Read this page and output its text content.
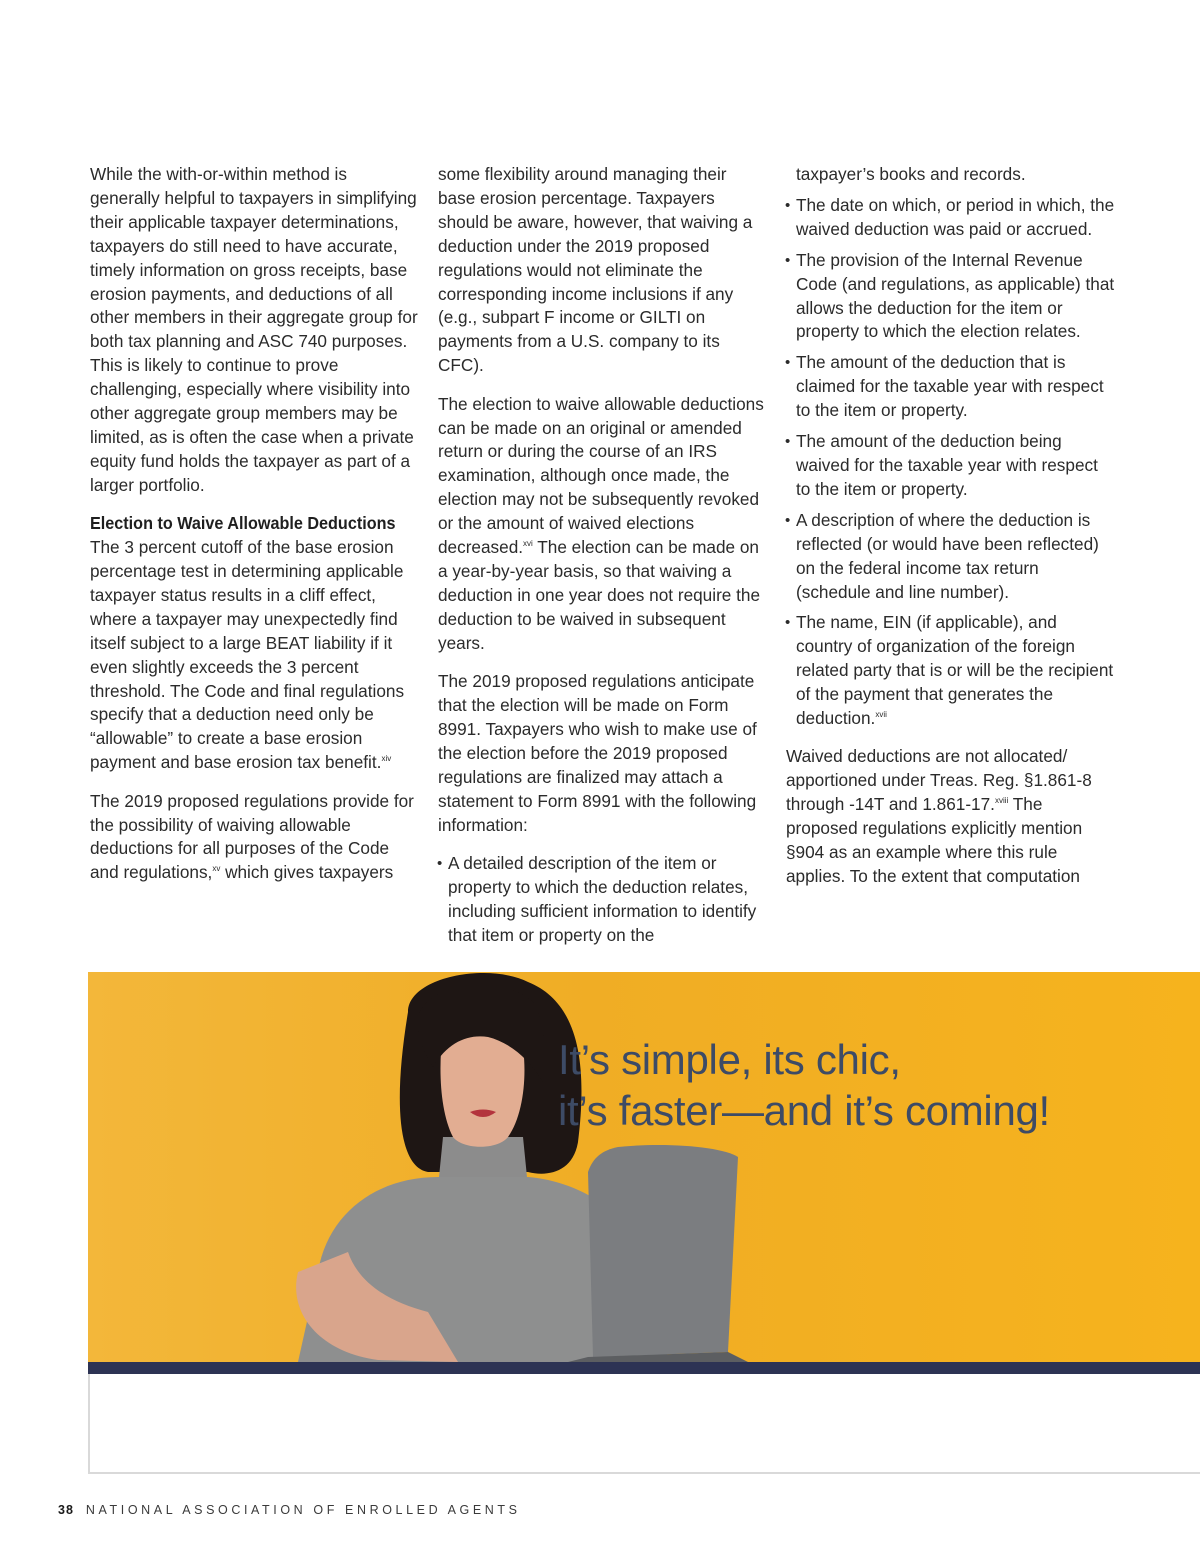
While the with-or-within method is generally helpful to taxpayers in simplifying their applicable taxpayer determinations, taxpayers do still need to have accurate, timely information on gross receipts, base erosion payments, and deductions of all other members in their aggregate group for both tax planning and ASC 740 purposes. This is likely to continue to prove challenging, especially where visibility into other aggregate group members may be limited, as is often the case when a private equity fund holds the taxpayer as part of a larger portfolio.

Election to Waive Allowable Deductions

The 3 percent cutoff of the base erosion percentage test in determining applicable taxpayer status results in a cliff effect, where a taxpayer may unexpectedly find itself subject to a large BEAT liability if it even slightly exceeds the 3 percent threshold. The Code and final regulations specify that a deduction need only be “allowable” to create a base erosion payment and base erosion tax benefit.$^{xiv}$

The 2019 proposed regulations provide for the possibility of waiving allowable deductions for all purposes of the Code and regulations,$^{xv}$ which gives taxpayers

some flexibility around managing their base erosion percentage. Taxpayers should be aware, however, that waiving a deduction under the 2019 proposed regulations would not eliminate the corresponding income inclusions if any (e.g., subpart F income or GILTI on payments from a U.S. company to its CFC).

The election to waive allowable deductions can be made on an original or amended return or during the course of an IRS examination, although once made, the election may not be subsequently revoked or the amount of waived elections decreased.$^{xvi}$ The election can be made on a year-by-year basis, so that waiving a deduction in one year does not require the deduction to be waived in subsequent years.

The 2019 proposed regulations anticipate that the election will be made on Form 8991. Taxpayers who wish to make use of the election before the 2019 proposed regulations are finalized may attach a statement to Form 8991 with the following information:

• A detailed description of the item or property to which the deduction relates, including sufficient information to identify that item or property on the
taxpayer’s books and records.
• The date on which, or period in which, the waived deduction was paid or accrued.
• The provision of the Internal Revenue Code (and regulations, as applicable) that allows the deduction for the item or property to which the election relates.
• The amount of the deduction that is claimed for the taxable year with respect to the item or property.
• The amount of the deduction being waived for the taxable year with respect to the item or property.
• A description of where the deduction is reflected (or would have been reflected) on the federal income tax return (schedule and line number).
• The name, EIN (if applicable), and country of organization of the foreign related party that is or will be the recipient of the payment that generates the deduction.$^{xvii}$

Waived deductions are not allocated/ apportioned under Treas. Reg. §1.861-8 through -14T and 1.861-17.$^{xviii}$ The proposed regulations explicitly mention §904 as an example where this rule applies. To the extent that computation

It’s simple, its chic,
it’s faster—and it’s coming!
38 NATIONAL ASSOCIATION OF ENROLLED AGENTS
